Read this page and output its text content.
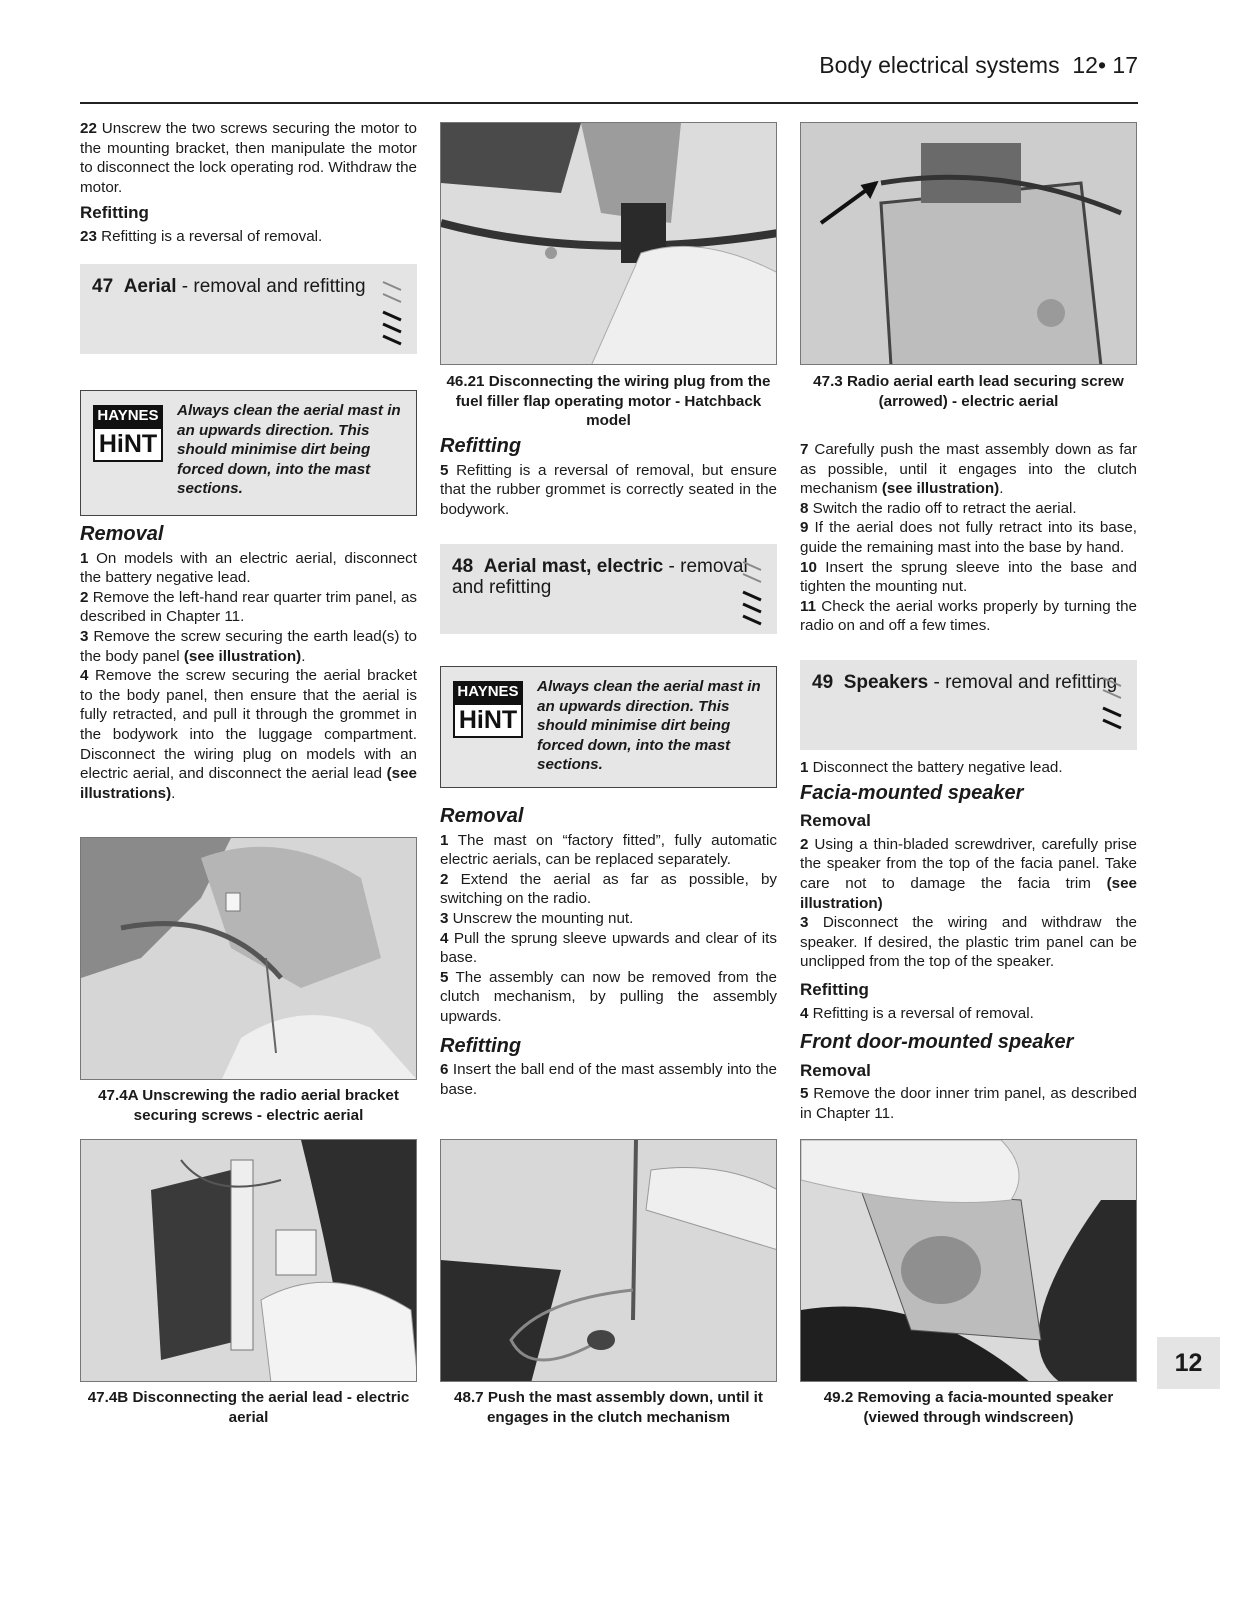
Body electrical systems 12• 17

22 Unscrew the two screws securing the motor to the mounting bracket, then manipulate the motor to disconnect the lock operating rod. Withdraw the motor.

Refitting

23 Refitting is a reversal of removal.

47 Aerial - removal and refitting
HAYNES
HiNT
Always clean the aerial mast in an upwards direction. This should minimise dirt being forced down, into the mast sections.
Removal

1 On models with an electric aerial, disconnect the battery negative lead.

2 Remove the left-hand rear quarter trim panel, as described in Chapter 11.

3 Remove the screw securing the earth lead(s) to the body panel (see illustration).

4 Remove the screw securing the aerial bracket to the body panel, then ensure that the aerial is fully retracted, and pull it through the grommet in the bodywork into the luggage compartment. Disconnect the wiring plug on models with an electric aerial, and disconnect the aerial lead (see illustrations).

47.4A Unscrewing the radio aerial bracket securing screws - electric aerial
47.4B Disconnecting the aerial lead - electric aerial
46.21 Disconnecting the wiring plug from the fuel filler flap operating motor - Hatchback model
Refitting

5 Refitting is a reversal of removal, but ensure that the rubber grommet is correctly seated in the bodywork.

48 Aerial mast, electric - removal and refitting
HAYNES
HiNT
Always clean the aerial mast in an upwards direction. This should minimise dirt being forced down, into the mast sections.
Removal

1 The mast on “factory fitted”, fully automatic electric aerials, can be replaced separately.

2 Extend the aerial as far as possible, by switching on the radio.

3 Unscrew the mounting nut.

4 Pull the sprung sleeve upwards and clear of its base.

5 The assembly can now be removed from the clutch mechanism, by pulling the assembly upwards.

Refitting

6 Insert the ball end of the mast assembly into the base.

48.7 Push the mast assembly down, until it engages in the clutch mechanism
47.3 Radio aerial earth lead securing screw (arrowed) - electric aerial

7 Carefully push the mast assembly down as far as possible, until it engages into the clutch mechanism (see illustration).

8 Switch the radio off to retract the aerial.

9 If the aerial does not fully retract into its base, guide the remaining mast into the base by hand.

10 Insert the sprung sleeve into the base and tighten the mounting nut.

11 Check the aerial works properly by turning the radio on and off a few times.

49 Speakers - removal and refitting

1 Disconnect the battery negative lead.

Facia-mounted speaker
Removal

2 Using a thin-bladed screwdriver, carefully prise the speaker from the top of the facia panel. Take care not to damage the facia trim (see illustration)

3 Disconnect the wiring and withdraw the speaker. If desired, the plastic trim panel can be unclipped from the top of the speaker.

Refitting

4 Refitting is a reversal of removal.

Front door-mounted speaker
Removal

5 Remove the door inner trim panel, as described in Chapter 11.

49.2 Removing a facia-mounted speaker (viewed through windscreen)
12
